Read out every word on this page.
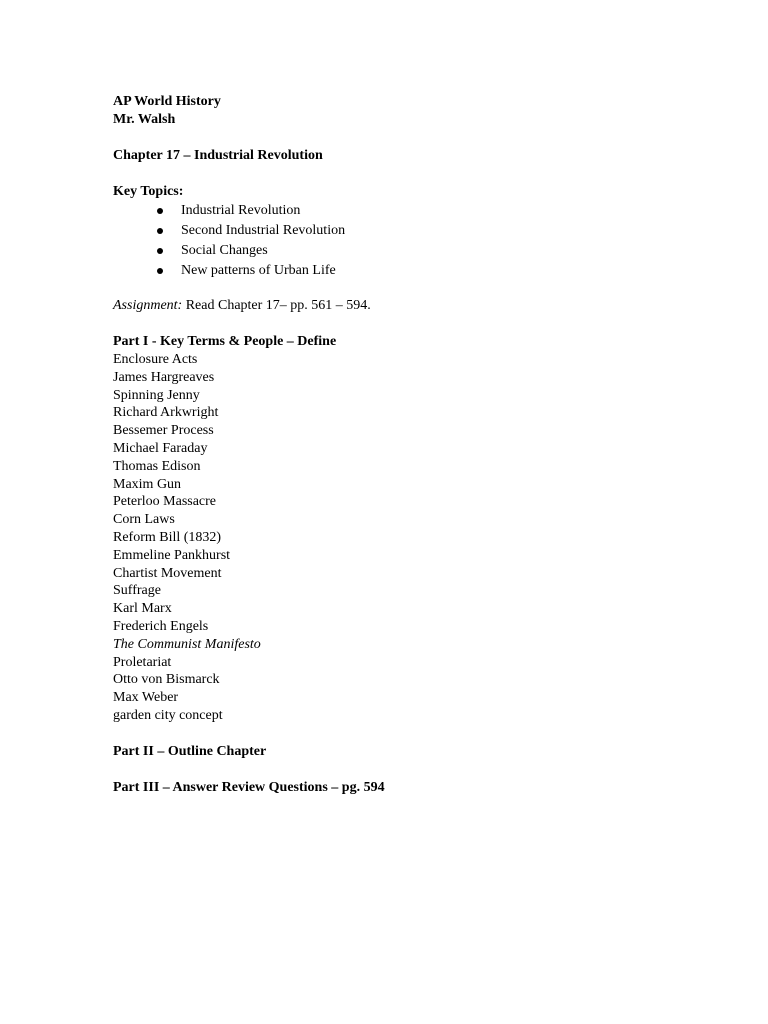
AP World History
Mr. Walsh
Chapter 17 – Industrial Revolution
Key Topics:
Industrial Revolution
Second Industrial Revolution
Social Changes
New patterns of Urban Life
Assignment: Read Chapter 17– pp. 561 – 594.
Part I - Key Terms & People – Define
Enclosure Acts
James Hargreaves
Spinning Jenny
Richard Arkwright
Bessemer Process
Michael Faraday
Thomas Edison
Maxim Gun
Peterloo Massacre
Corn Laws
Reform Bill (1832)
Emmeline Pankhurst
Chartist Movement
Suffrage
Karl Marx
Frederich Engels
The Communist Manifesto
Proletariat
Otto von Bismarck
Max Weber
garden city concept
Part II – Outline Chapter
Part III – Answer Review Questions – pg. 594
